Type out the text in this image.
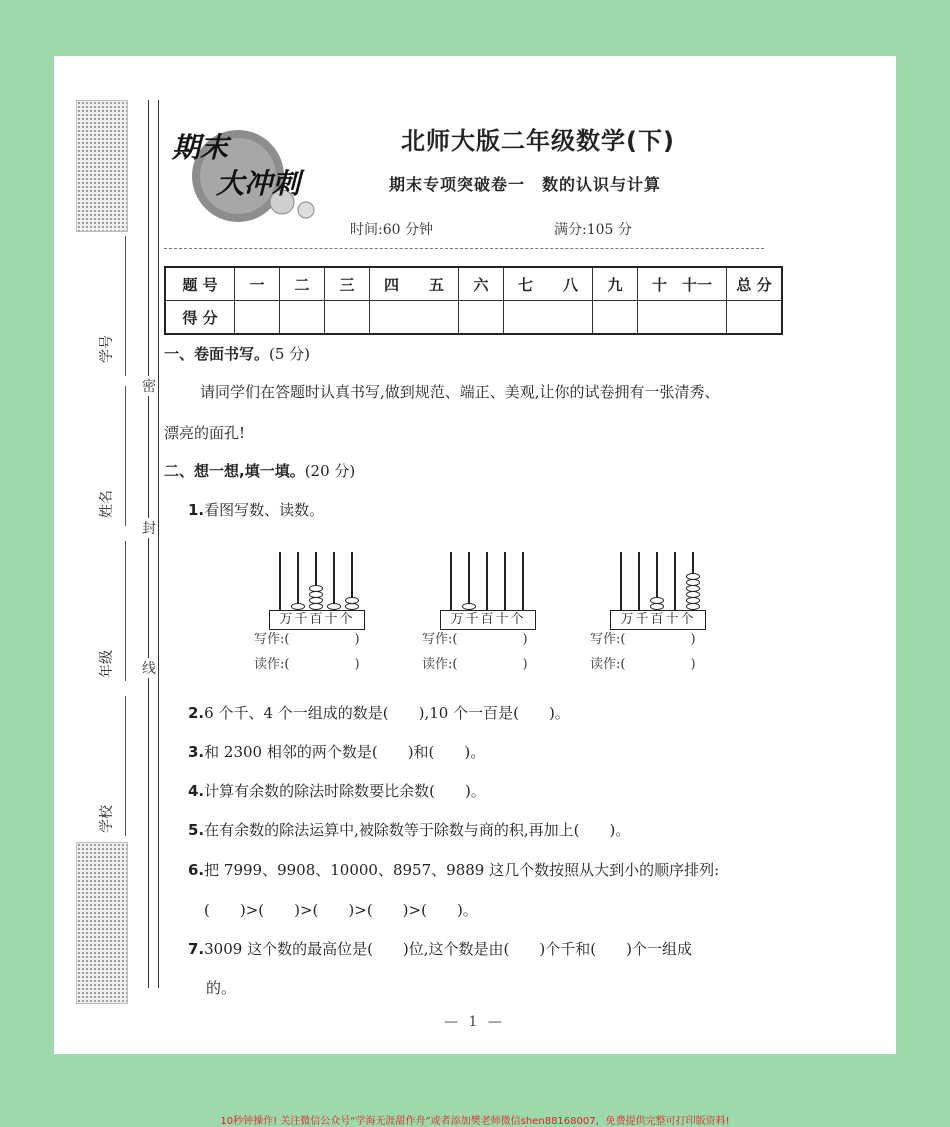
学号
姓名
年级
学校
密
封
线
期末
大冲刺
北师大版二年级数学(下)
期末专项突破卷一　数的认识与计算
时间:60 分钟	满分:105 分
题 号	一	二	三	四　　五	六	七　　八	九	十　十一	总 分
得 分									
一、卷面书写。(5 分)
请同学们在答题时认真书写,做到规范、端正、美观,让你的试卷拥有一张清秀、
漂亮的面孔!
二、想一想,填一填。(20 分)
1.看图写数、读数。
万千百十个	万千百十个	万千百十个
写作:(　　　　　)
读作:(　　　　　)
写作:(　　　　　)
读作:(　　　　　)
写作:(　　　　　)
读作:(　　　　　)
2.6 个千、4 个一组成的数是(　　),10 个一百是(　　)。
3.和 2300 相邻的两个数是(　　)和(　　)。
4.计算有余数的除法时除数要比余数(　　)。
5.在有余数的除法运算中,被除数等于除数与商的积,再加上(　　)。
6.把 7999、9908、10000、8957、9889 这几个数按照从大到小的顺序排列:
(　　)>(　　)>(　　)>(　　)>(　　)。
7.3009 这个数的最高位是(　　)位,这个数是由(　　)个千和(　　)个一组成
的。
— 1 —
10秒钟操作! 关注微信公众号“学海无涯甜作舟”或者添加樊老师微信shen88168007，免费提供完整可打印版资料!
